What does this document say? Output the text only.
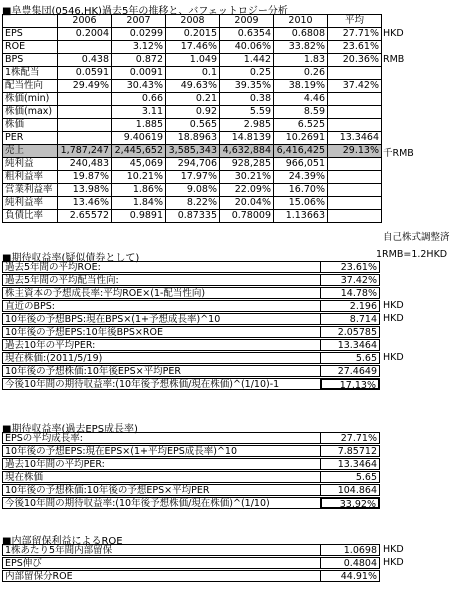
■阜豊集団(0546.HK)過去5年の推移と、バフェットロジー分析
	2006	2007	2008	2009	2010	平均
EPS	0.2004	0.0299	0.2015	0.6354	0.6808	27.71%
ROE		3.12%	17.46%	40.06%	33.82%	23.61%
BPS	0.438	0.872	1.049	1.442	1.83	20.36%
1株配当	0.0591	0.0091	0.1	0.25	0.26	
配当性向	29.49%	30.43%	49.63%	39.35%	38.19%	37.42%
株価(min)		0.66	0.21	0.38	4.46	
株価(max)		3.11	0.92	5.59	8.59	
株価		1.885	0.565	2.985	6.525	
PER		9.40619	18.8963	14.8139	10.2691	13.3464
売上	1,787,247	2,445,652	3,585,343	4,632,884	6,416,425	29.13%
純利益	240,483	45,069	294,706	928,285	966,051	
粗利益率	19.87%	10.21%	17.97%	30.21%	24.39%	
営業利益率	13.98%	1.86%	9.08%	22.09%	16.70%	
純利益率	13.46%	1.84%	8.22%	20.04%	15.06%	
負債比率	2.65572	0.9891	0.87335	0.78009	1.13663	
HKD
RMB
千RMB
自己株式調整済
■期待収益率(疑似債券として)	1RMB=1.2HKD
過去5年間の平均ROE:	23.61%
過去5年間の平均配当性向:	37.42%
株主資本の予想成長率:平均ROE×(1-配当性向)	14.78%
直近のBPS:	2.196 HKD
10年後の予想BPS:現在BPS×(1+予想成長率)^10	8.714 HKD
10年後の予想EPS:10年後BPS×ROE	2.05785
過去10年の平均PER:	13.3464
現在株価:(2011/5/19)	5.65 HKD
10年後の予想株価:10年後EPS×平均PER	27.4649
今後10年間の期待収益率:(10年後予想株価/現在株価)^(1/10)-1	17.13%
■期待収益率(過去EPS成長率)
EPSの平均成長率:	27.71%
10年後の予想EPS:現在EPS×(1+平均EPS成長率)^10	7.85712
過去10年間の平均PER:	13.3464
現在株価	5.65
10年後の予想株価:10年後の予想EPS×平均PER	104.864
今後10年間の期待収益率:(10年後予想株価/現在株価)^(1/10)	33.92%
■内部留保利益によるROE
1株あたり5年間内部留保	1.0698 HKD
EPS伸び	0.4804 HKD
内部留保分ROE	44.91%
